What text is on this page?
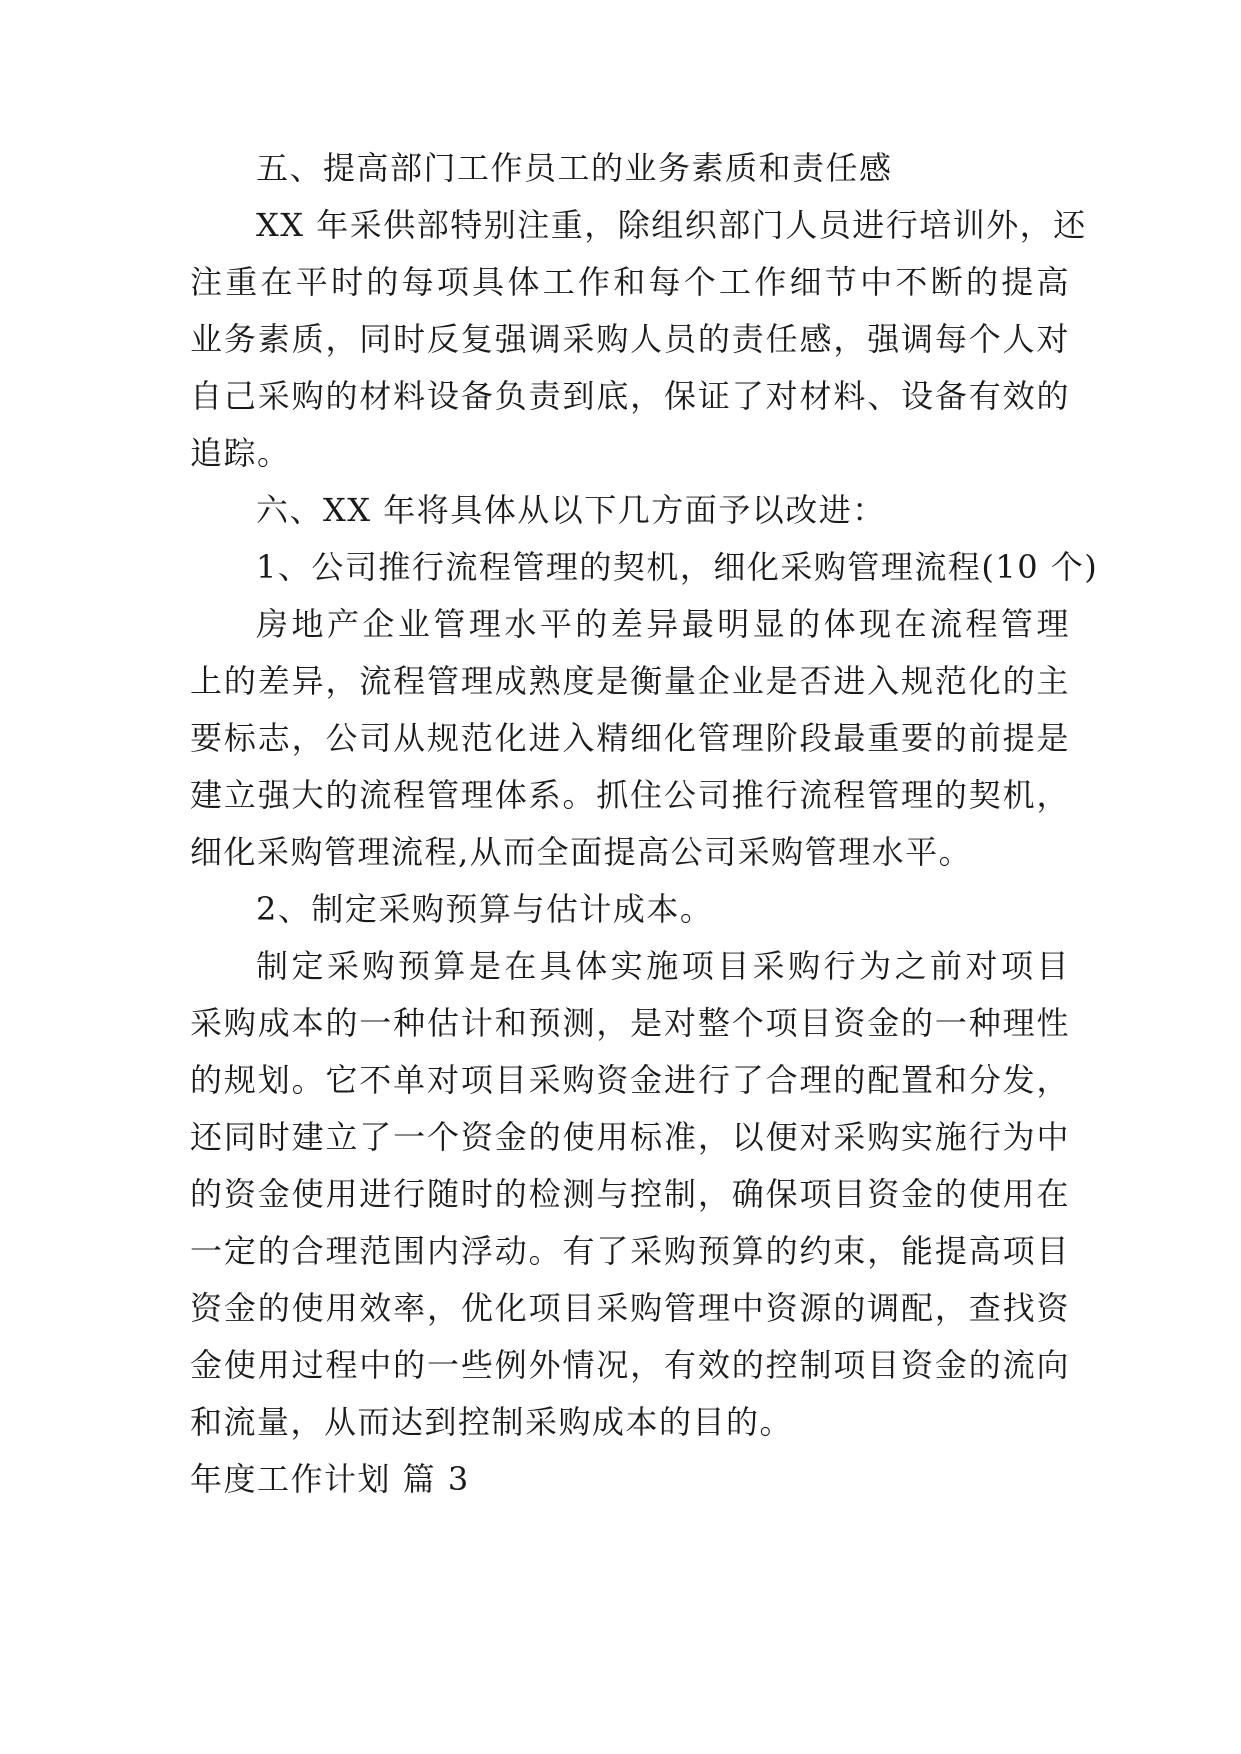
五、提高部门工作员工的业务素质和责任感
XX 年采供部特别注重，除组织部门人员进行培训外，还
注重在平时的每项具体工作和每个工作细节中不断的提高
业务素质，同时反复强调采购人员的责任感，强调每个人对
自己采购的材料设备负责到底，保证了对材料、设备有效的
追踪。
六、XX 年将具体从以下几方面予以改进：
1、公司推行流程管理的契机，细化采购管理流程(10 个)
房地产企业管理水平的差异最明显的体现在流程管理
上的差异，流程管理成熟度是衡量企业是否进入规范化的主
要标志，公司从规范化进入精细化管理阶段最重要的前提是
建立强大的流程管理体系。抓住公司推行流程管理的契机，
细化采购管理流程,从而全面提高公司采购管理水平。
2、制定采购预算与估计成本。
制定采购预算是在具体实施项目采购行为之前对项目
采购成本的一种估计和预测，是对整个项目资金的一种理性
的规划。它不单对项目采购资金进行了合理的配置和分发，
还同时建立了一个资金的使用标准，以便对采购实施行为中
的资金使用进行随时的检测与控制，确保项目资金的使用在
一定的合理范围内浮动。有了采购预算的约束，能提高项目
资金的使用效率，优化项目采购管理中资源的调配，查找资
金使用过程中的一些例外情况，有效的控制项目资金的流向
和流量，从而达到控制采购成本的目的。
年度工作计划 篇 3
